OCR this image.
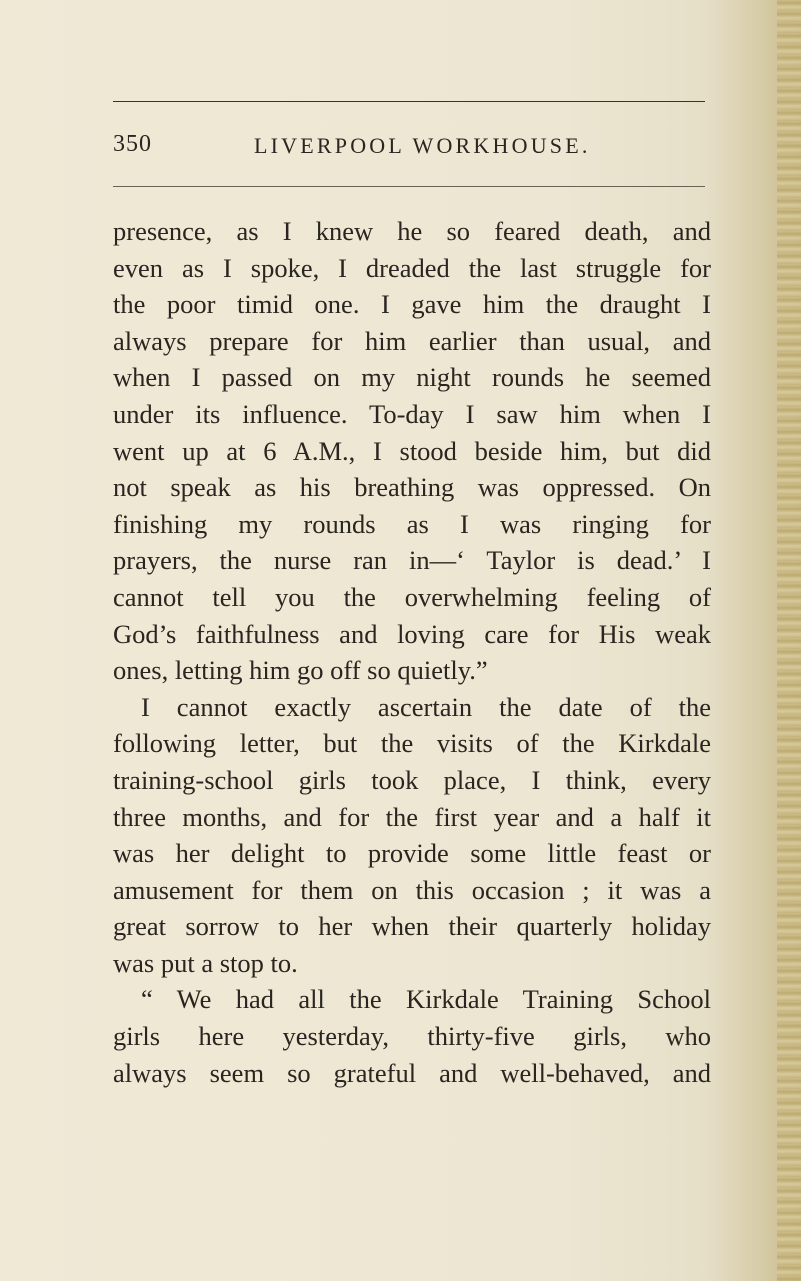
350	LIVERPOOL WORKHOUSE.
presence, as I knew he so feared death, and
even as I spoke, I dreaded the last struggle for
the poor timid one. I gave him the draught I
always prepare for him earlier than usual, and
when I passed on my night rounds he seemed
under its influence. To-day I saw him when I
went up at 6 A.M., I stood beside him, but did
not speak as his breathing was oppressed. On
finishing my rounds as I was ringing for
prayers, the nurse ran in—‘ Taylor is dead.’ I
cannot tell you the overwhelming feeling of
God’s faithfulness and loving care for His weak
ones, letting him go off so quietly.”
I cannot exactly ascertain the date of the
following letter, but the visits of the Kirkdale
training-school girls took place, I think, every
three months, and for the first year and a half it
was her delight to provide some little feast or
amusement for them on this occasion ; it was a
great sorrow to her when their quarterly holiday
was put a stop to.
“ We had all the Kirkdale Training School
girls here yesterday, thirty-five girls, who
always seem so grateful and well-behaved, and
